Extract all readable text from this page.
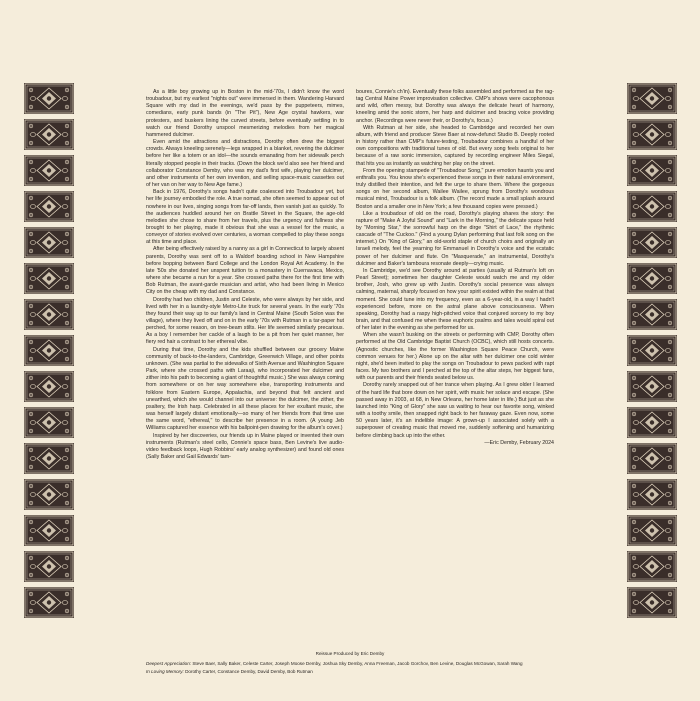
As a little boy growing up in Boston in the mid-'70s, I didn't know the word troubadour, but my earliest "nights out" were immersed in them. Wandering Harvard Square with my dad in the evenings, we'd pass by the puppeteers, mimes, comedians, early punk bands (in "The Pit"), New Age crystal hawkers, war protesters, and buskers lining the curved streets, before eventually settling in to watch our friend Dorothy unspool mesmerizing melodies from her magical hammered dulcimer.

Even amid the attractions and distractions, Dorothy often drew the biggest crowds. Always kneeling serenely—legs wrapped in a blanket, revering the dulcimer before her like a totem or an idol—the sounds emanating from her sidewalk perch literally stopped people in their tracks. (Down the block we'd also see her friend and collaborator Constance Demby, who was my dad's first wife, playing her dulcimer, and other instruments of her own invention, and selling space-music cassettes out of her van on her way to New Age fame.)

Back in 1976, Dorothy's songs hadn't quite coalesced into Troubadour yet, but her life journey embodied the role. A true nomad, she often seemed to appear out of nowhere in our lives, singing songs from far-off lands, then vanish just as quickly. To the audiences huddled around her on Brattle Street in the Square, the age-old melodies she chose to share from her travels, plus the urgency and fullness she brought to her playing, made it obvious that she was a vessel for the music, a conveyor of stories evolved over centuries, a woman compelled to play these songs at this time and place.

After being effectively raised by a nanny as a girl in Connecticut to largely absent parents, Dorothy was sent off to a Waldorf boarding school in New Hampshire before bopping between Bard College and the London Royal Art Academy. In the late '50s she donated her unspent tuition to a monastery in Cuernavaca, Mexico, where she became a nun for a year. She crossed paths there for the first time with Bob Rutman, the avant-garde musician and artist, who had been living in Mexico City on the cheap with my dad and Constance.

Dorothy had two children, Justin and Celeste, who were always by her side, and lived with her in a laundry-style Metro-Lite truck for several years. In the early '70s they found their way up to our family's land in Central Maine (South Solon was the village), where they lived off and on in the early '70s with Rutman in a tar-paper hut perched, for some reason, on tree-beam stilts. Her life seemed similarly precarious. As a boy I remember her cackle of a laugh to be a pit from her quiet manner, her fiery red hair a contrast to her ethereal vibe.

During that time, Dorothy and the kids shuffled between our grocery Maine community of back-to-the-landers, Cambridge, Greenwich Village, and other points unknown. (She was partial to the sidewalks of Sixth Avenue and Washington Square Park, where she crossed paths with Laraaji, who incorporated her dulcimer and zither into his path to becoming a giant of thoughtful music.) She was always coming from somewhere or on her way somewhere else, transporting instruments and folklore from Eastern Europe, Appalachia, and beyond that felt ancient and unearthed, which she would channel into our universe: the dulcimer, the zither, the psaltery, the Irish harp. Celebrated in all these places for her exultant music, she was herself largely distant emotionally—so many of her friends from that time use the same word, "ethereal," to describe her presence in a room. (A young Jeb Williams captured her essence with his ballpoint-pen drawing for the album's cover.)

Inspired by her discoveries, our friends up in Maine played or invented their own instruments (Rutman's steel cello, Connie's space bass, Ben Levine's live audio-video feedback loops, Hugh Robbins' early analog synthesizer) and found old ones (Sally Baker and Gail Edwards' tam-

boures, Connie's ch'in). Eventually these folks assembled and performed as the rag-tag Central Maine Power improvisation collective. CMP's shows were cacophonous and wild, often messy, but Dorothy was always the delicate heart of harmony, kneeling amid the sonic storm, her harp and dulcimer and bracing voice providing anchor. (Recordings were never their, or Dorothy's, focus.)

With Rutman at her side, she headed to Cambridge and recorded her own album, with friend and producer Steve Baer at now-defunct Studio B. Deeply rooted in history rather than CMP's future-testing, Troubadour combines a handful of her own compositions with traditional tunes of old. But every song feels original to her because of a raw sonic immersion, captured by recording engineer Miles Siegal, that hits you as instantly as watching her play on the street.

From the opening stampede of "Troubadour Song," pure emotion haunts you and enthralls you. You know she's experienced these songs in their natural environment, truly distilled their intention, and felt the urge to share them. Where the gorgeous songs on her second album, Wailee Wailee, sprung from Dorothy's wondrous musical mind, Troubadour is a folk album. (The record made a small splash around Boston and a smaller one in New York; a few thousand copies were pressed.)

Like a troubadour of old on the road, Dorothy's playing shares the story: the rapture of "Make A Joyful Sound" and "Lark in the Morning," the delicate space held by "Morning Star," the sorrowful harp on the dirge "Shirt of Lace," the rhythmic cascade of "The Cuckoo." (Find a young Dylan performing that last folk song on the internet.) On "King of Glory," an old-world staple of church choirs and originally an Israeli melody, feel the yearning for Emmanuel in Dorothy's voice and the ecstatic power of her dulcimer and flute. On "Masquerade," an instrumental, Dorothy's dulcimer and Baker's tamboura resonate deeply—crying music.

In Cambridge, we'd see Dorothy around at parties (usually at Rutman's loft on Pearl Street); sometimes her daughter Celeste would watch me and my older brother, Josh, who grew up with Justin. Dorothy's social presence was always calming, maternal, sharply focused on how your spirit existed within the realm at that moment. She could tune into my frequency, even as a 6-year-old, in a way I hadn't experienced before, more on the astral plane above consciousness. When speaking, Dorothy had a raspy high-pitched voice that conjured sorcery to my boy brain, and that confused me when these euphoric psalms and tales would spiral out of her later in the evening as she performed for us.

When she wasn't busking on the streets or performing with CMP, Dorothy often performed at the Old Cambridge Baptist Church (OCBC), which still hosts concerts. (Agnostic churches, like the former Washington Square Peace Church, were common venues for her.) Alone up on the altar with her dulcimer one cold winter night, she'd been invited to play the songs on Troubadour to pews packed with rapt faces. My two brothers and I perched at the top of the altar steps, her biggest fans, with our parents and their friends seated below us.

Dorothy rarely snapped out of her trance when playing. As I grew older I learned of the hard life that bore down on her spirit, with music her solace and escape. (She passed away in 2003, at 68, in New Orleans, her home later in life.) But just as she launched into "King of Glory" she saw us waiting to hear our favorite song, winked with a toothy smile, then snapped right back to her faraway gaze. Even now, some 50 years later, it's an indelible image: A grown-up I associated solely with a superpower of creating music that moved me, suddenly softening and humanizing before climbing back up into the ether.

—Eric Demby, February 2024

Reissue Produced by Eric Demby
Deepest Appreciation: Steve Baer, Sally Baker, Celeste Carter, Joseph Moose Demby, Joshua Sky Demby, Anna Freeman, Jacob Gorchov, Ben Levine, Douglas McGowan, Sarah Wang
In Loving Memory: Dorothy Carter, Constance Demby, David Demby, Bob Rutman
